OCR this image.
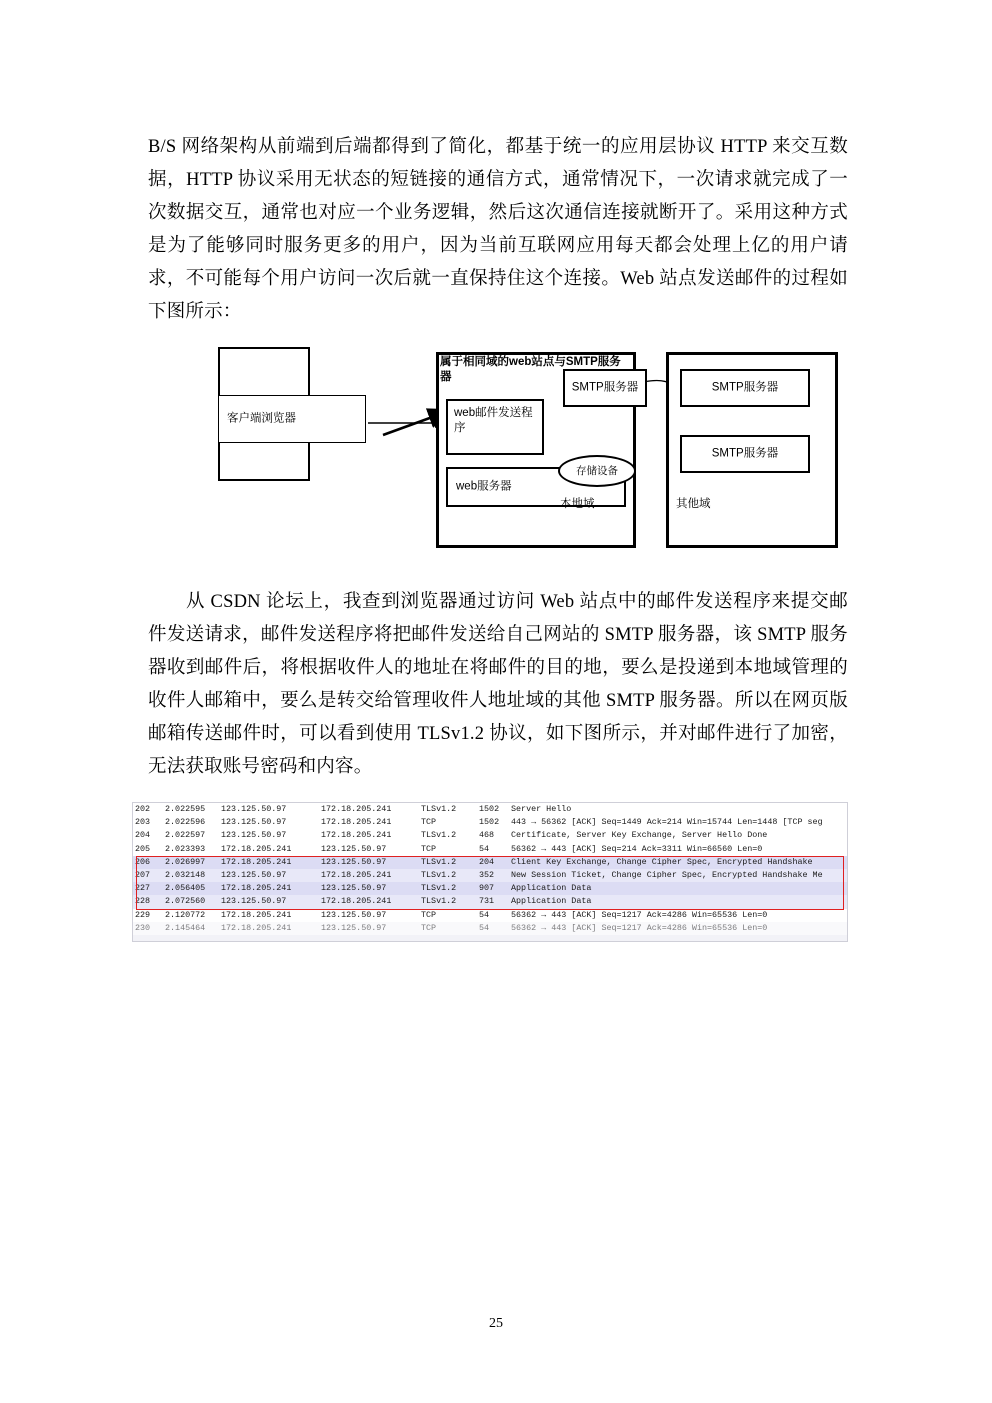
B/S 网络架构从前端到后端都得到了简化，都基于统一的应用层协议 HTTP 来交互数据，HTTP 协议采用无状态的短链接的通信方式，通常情况下，一次请求就完成了一次数据交互，通常也对应一个业务逻辑，然后这次通信连接就断开了。采用这种方式是为了能够同时服务更多的用户，因为当前互联网应用每天都会处理上亿的用户请求，不可能每个用户访问一次后就一直保持住这个连接。Web 站点发送邮件的过程如下图所示：

客户端浏览器
属于相同域的web站点与SMTP服务器
web邮件发送程序
web服务器
SMTP服务器
存储设备
本地域
SMTP服务器
SMTP服务器
其他域

从 CSDN 论坛上，我查到浏览器通过访问 Web 站点中的邮件发送程序来提交邮件发送请求，邮件发送程序将把邮件发送给自己网站的 SMTP 服务器，该 SMTP 服务器收到邮件后，将根据收件人的地址在将邮件的目的地，要么是投递到本地域管理的收件人邮箱中，要么是转交给管理收件人地址域的其他 SMTP 服务器。所以在网页版邮箱传送邮件时，可以看到使用 TLSv1.2 协议，如下图所示，并对邮件进行了加密，无法获取账号密码和内容。

202	2.022595	123.125.50.97	172.18.205.241	TLSv1.2	1502	Server Hello
203	2.022596	123.125.50.97	172.18.205.241	TCP	1502	443 → 56362 [ACK] Seq=1449 Ack=214 Win=15744 Len=1448 [TCP seg
204	2.022597	123.125.50.97	172.18.205.241	TLSv1.2	468	Certificate, Server Key Exchange, Server Hello Done
205	2.023393	172.18.205.241	123.125.50.97	TCP	54	56362 → 443 [ACK] Seq=214 Ack=3311 Win=66560 Len=0
206	2.026997	172.18.205.241	123.125.50.97	TLSv1.2	204	Client Key Exchange, Change Cipher Spec, Encrypted Handshake
207	2.032148	123.125.50.97	172.18.205.241	TLSv1.2	352	New Session Ticket, Change Cipher Spec, Encrypted Handshake Me
227	2.056405	172.18.205.241	123.125.50.97	TLSv1.2	907	Application Data
228	2.072560	123.125.50.97	172.18.205.241	TLSv1.2	731	Application Data
229	2.120772	172.18.205.241	123.125.50.97	TCP	54	56362 → 443 [ACK] Seq=1217 Ack=4286 Win=65536 Len=0
230	2.145464	172.18.205.241	123.125.50.97	TCP	54	56362 → 443 [ACK] Seq=1217 Ack=4286 Win=65536 Len=0
25
